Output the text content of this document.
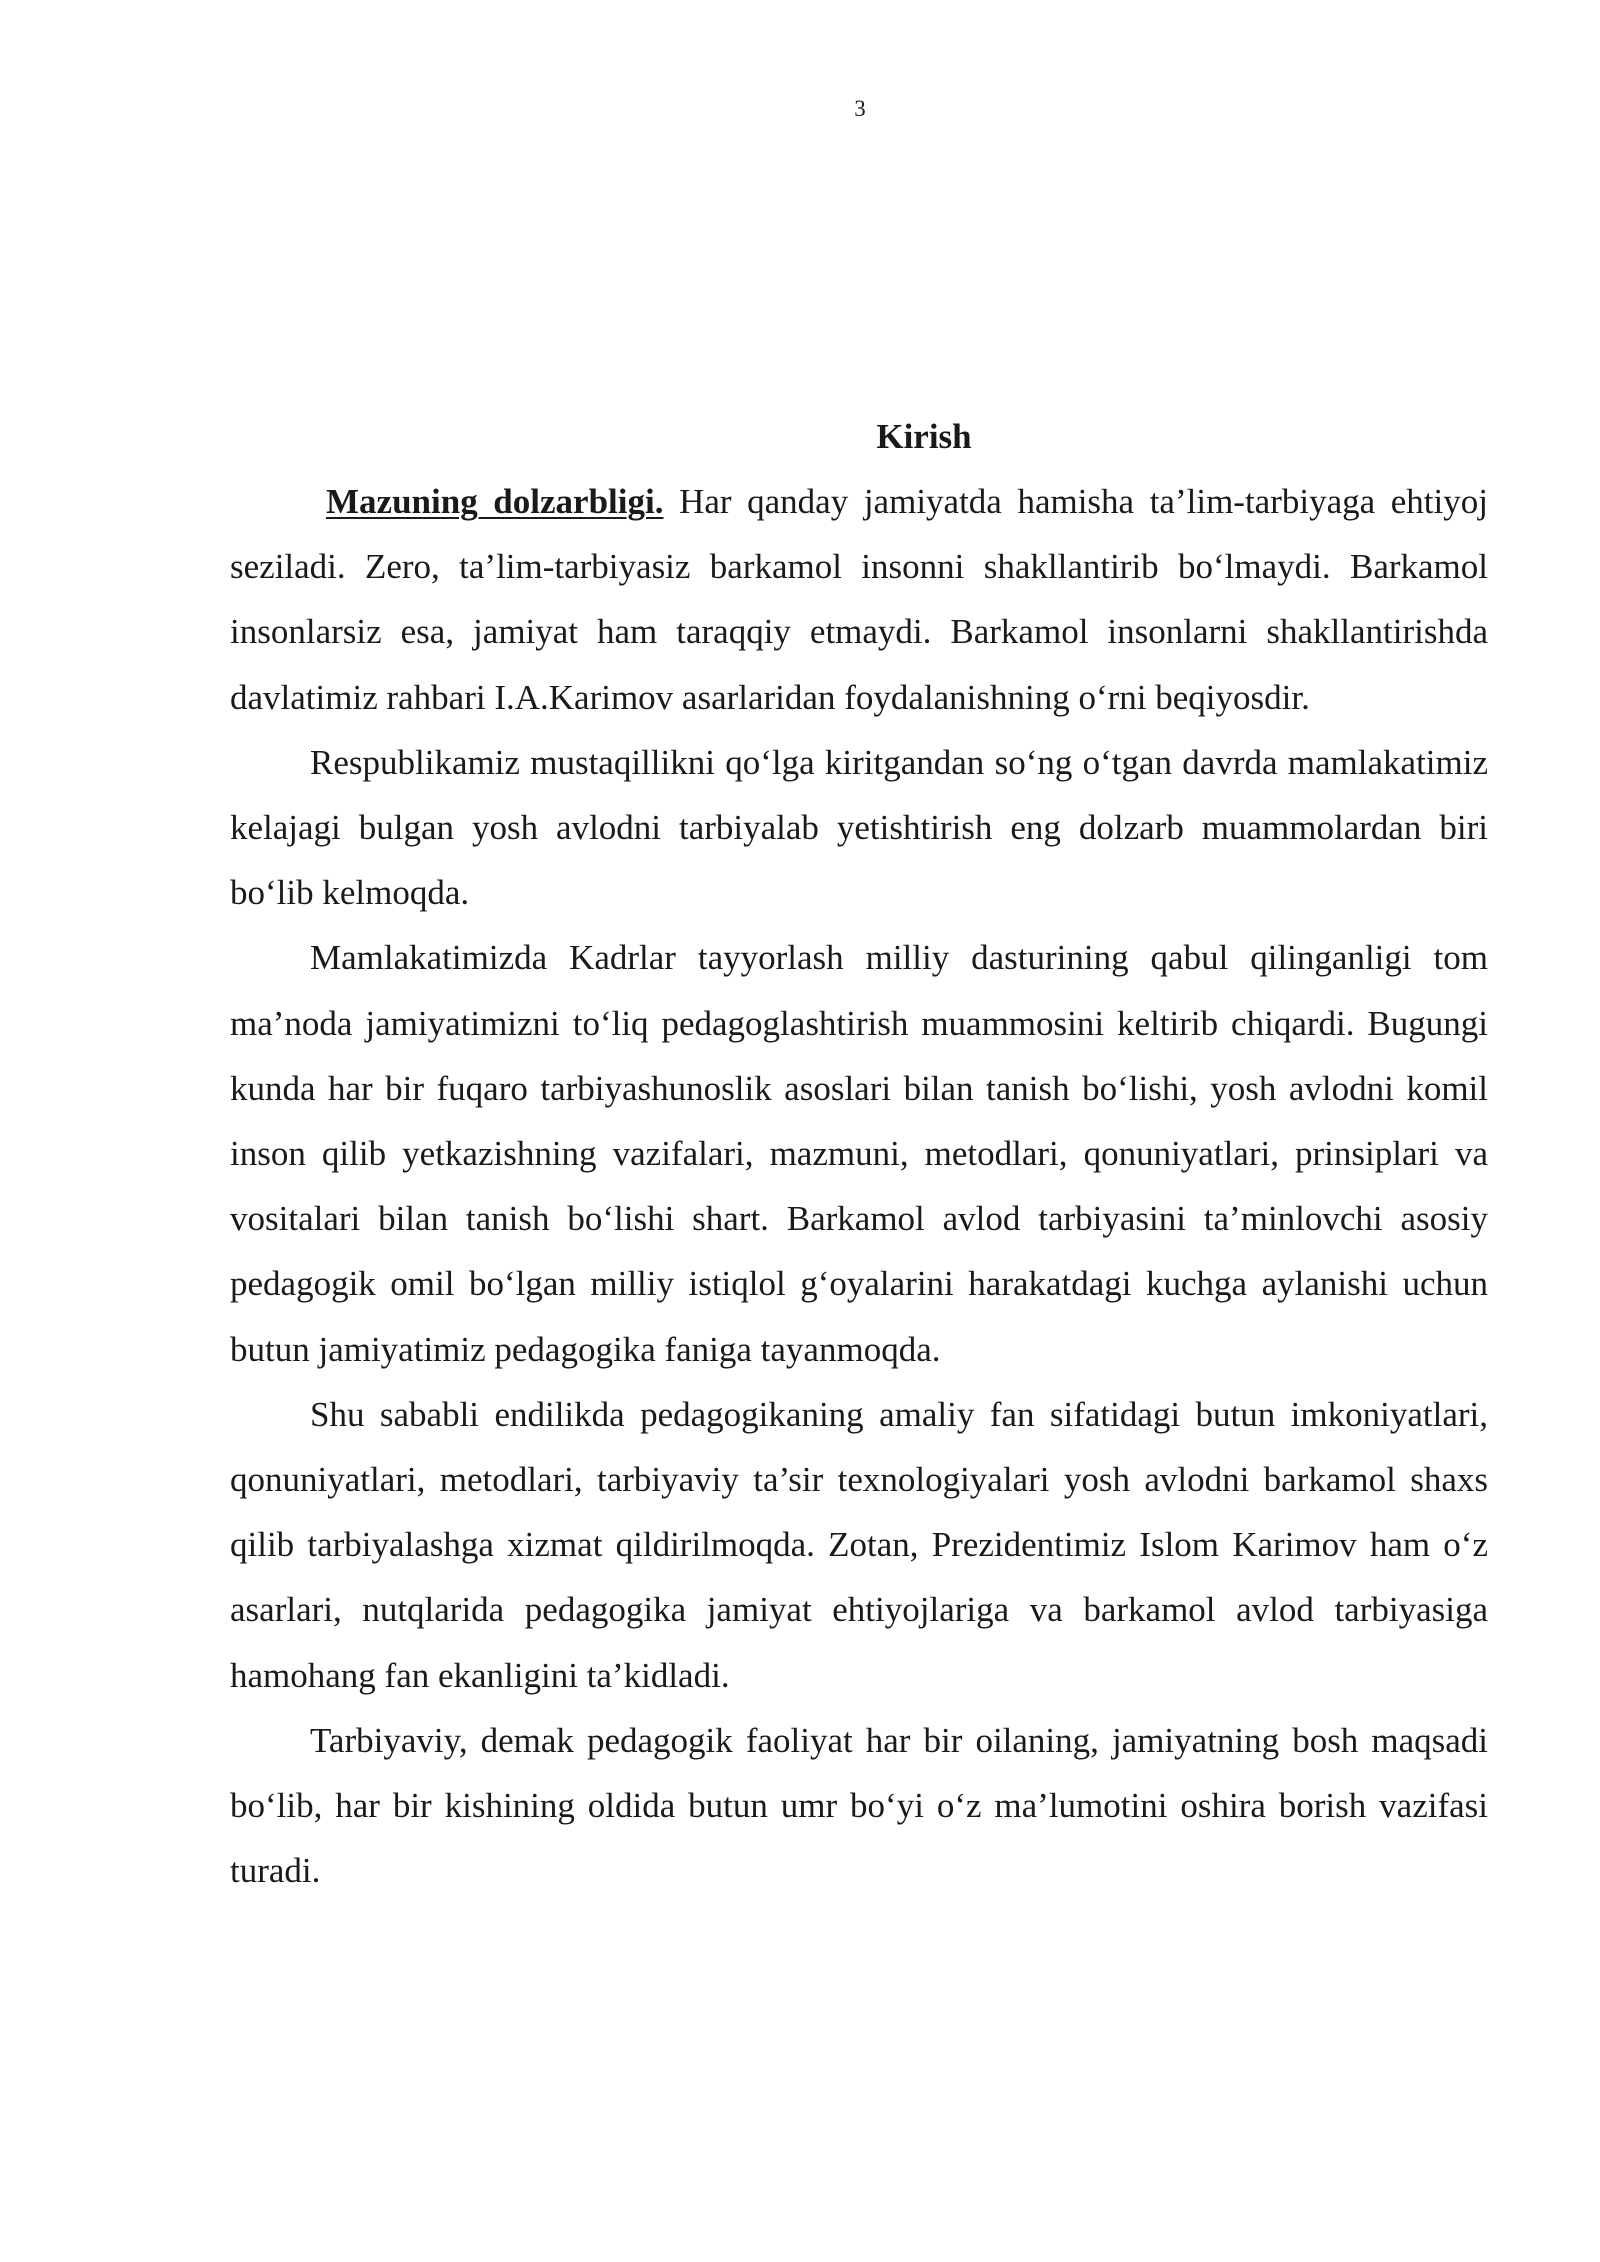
3
Kirish

Mazuning dolzarbligi. Har qanday jamiyatda hamisha ta’lim-tarbiyaga ehtiyoj seziladi. Zero, ta’lim-tarbiyasiz barkamol insonni shakllantirib bo‘lmaydi. Barkamol insonlarsiz esa, jamiyat ham taraqqiy etmaydi. Barkamol insonlarni shakllantirishda davlatimiz rahbari I.A.Karimov asarlaridan foydalanishning o‘rni beqiyosdir.

Respublikamiz mustaqillikni qo‘lga kiritgandan so‘ng o‘tgan davrda mamlakatimiz kelajagi bulgan yosh avlodni tarbiyalab yetishtirish eng dolzarb muammolardan biri bo‘lib kelmoqda.

Mamlakatimizda Kadrlar tayyorlash milliy dasturining qabul qilinganligi tom ma’noda jamiyatimizni to‘liq pedagoglashtirish muammosini keltirib chiqardi. Bugungi kunda har bir fuqaro tarbiyashunoslik asoslari bilan tanish bo‘lishi, yosh avlodni komil inson qilib yetkazishning vazifalari, mazmuni, metodlari, qonuniyatlari, prinsiplari va vositalari bilan tanish bo‘lishi shart. Barkamol avlod tarbiyasini ta’minlovchi asosiy pedagogik omil bo‘lgan milliy istiqlol g‘oyalarini harakatdagi kuchga aylanishi uchun butun jamiyatimiz pedagogika faniga tayanmoqda.

Shu sababli endilikda pedagogikaning amaliy fan sifatidagi butun imkoniyatlari, qonuniyatlari, metodlari, tarbiyaviy ta’sir texnologiyalari yosh avlodni barkamol shaxs qilib tarbiyalashga xizmat qildirilmoqda. Zotan, Prezidentimiz Islom Karimov ham o‘z asarlari, nutqlarida pedagogika jamiyat ehtiyojlariga va barkamol avlod tarbiyasiga hamohang fan ekanligini ta’kidladi.

Tarbiyaviy, demak pedagogik faoliyat har bir oilaning, jamiyatning bosh maqsadi bo‘lib, har bir kishining oldida butun umr bo‘yi o‘z ma’lumotini oshira borish vazifasi turadi.
